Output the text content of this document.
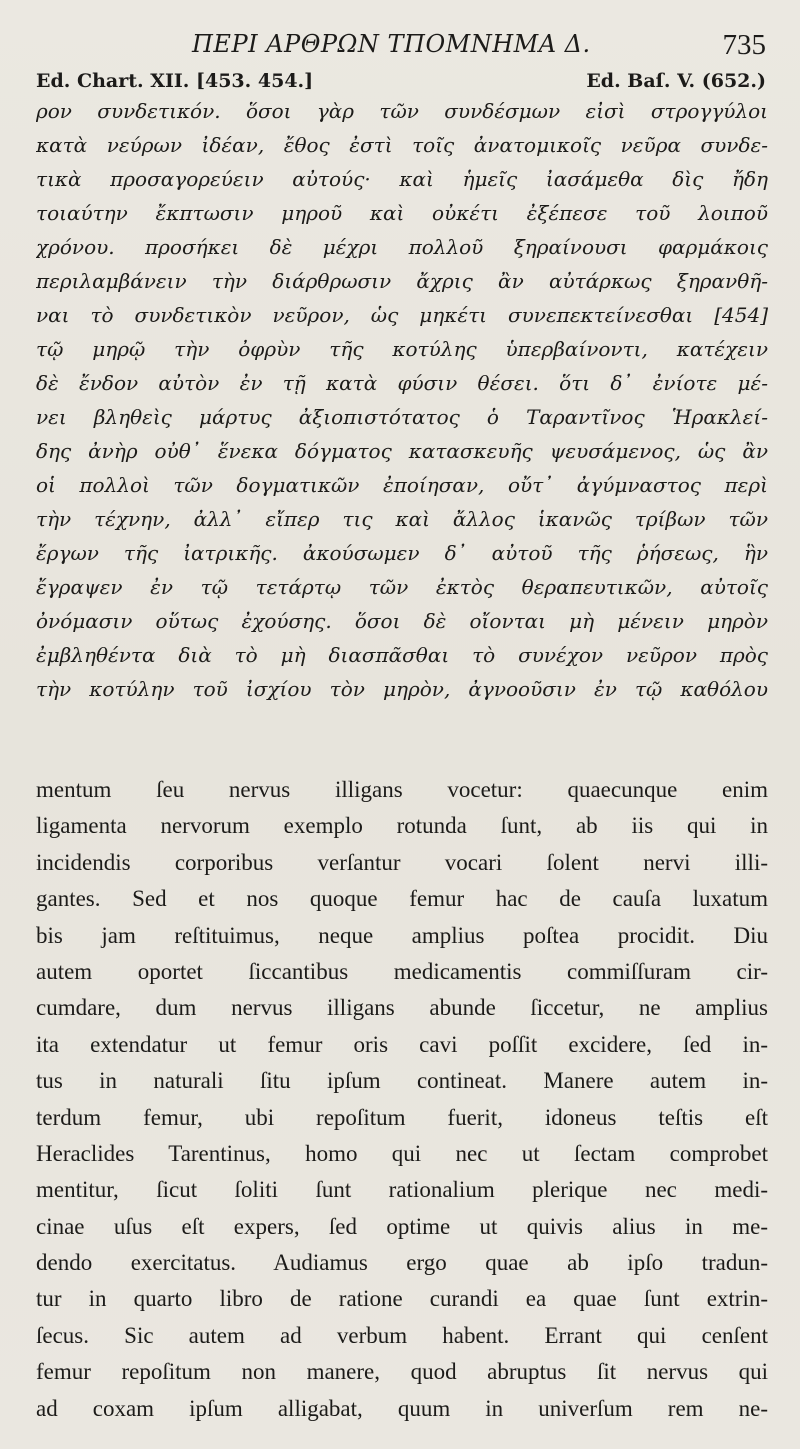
ΠΕΡΙ ΑΡΘΡΩΝ ΤΠΟΜΝΗΜΑ Δ.	735
Ed. Chart. XII. [453. 454.]	Ed. Baſ. V. (652.)
ρον συνδετικόν. ὅσοι γὰρ τῶν συνδέσμων εἰσὶ στρογγύλοι
κατὰ νεύρων ἰδέαν, ἔθος ἐστὶ τοῖς ἀνατομικοῖς νεῦρα συνδε-
τικὰ προσαγορεύειν αὐτούς· καὶ ἡμεῖς ἰασάμεθα δὶς ἤδη
τοιαύτην ἔκπτωσιν μηροῦ καὶ οὐκέτι ἐξέπεσε τοῦ λοιποῦ
χρόνου. προσήκει δὲ μέχρι πολλοῦ ξηραίνουσι φαρμάκοις
περιλαμβάνειν τὴν διάρθρωσιν ἄχρις ἂν αὐτάρκως ξηρανθῆ-
ναι τὸ συνδετικὸν νεῦρον, ὡς μηκέτι συνεπεκτείνεσθαι [454]
τῷ μηρῷ τὴν ὀφρὺν τῆς κοτύλης ὑπερβαίνοντι, κατέχειν
δὲ ἔνδον αὐτὸν ἐν τῇ κατὰ φύσιν θέσει. ὅτι δ᾽ ἐνίοτε μέ-
νει βληθεὶς μάρτυς ἀξιοπιστότατος ὁ Ταραντῖνος Ἡρακλεί-
δης ἀνὴρ οὐθ᾽ ἕνεκα δόγματος κατασκευῆς ψευσάμενος, ὡς ἂν
οἱ πολλοὶ τῶν δογματικῶν ἐποίησαν, οὔτ᾽ ἀγύμναστος περὶ
τὴν τέχνην, ἀλλ᾽ εἴπερ τις καὶ ἄλλος ἱκανῶς τρίβων τῶν
ἔργων τῆς ἰατρικῆς. ἀκούσωμεν δ᾽ αὐτοῦ τῆς ῥήσεως, ἣν
ἔγραψεν ἐν τῷ τετάρτῳ τῶν ἐκτὸς θεραπευτικῶν, αὐτοῖς
ὀνόμασιν οὕτως ἐχούσης. ὅσοι δὲ οἴονται μὴ μένειν μηρὸν
ἐμβληθέντα διὰ τὸ μὴ διασπᾶσθαι τὸ συνέχον νεῦρον πρὸς
τὴν κοτύλην τοῦ ἰσχίου τὸν μηρὸν, ἀγνοοῦσιν ἐν τῷ καθόλου
mentum ſeu nervus illigans vocetur: quaecunque enim
ligamenta nervorum exemplo rotunda ſunt, ab iis qui in
incidendis corporibus verſantur vocari ſolent nervi illi-
gantes. Sed et nos quoque femur hac de cauſa luxatum
bis jam reſtituimus, neque amplius poſtea procidit. Diu
autem oportet ſiccantibus medicamentis commiſſuram cir-
cumdare, dum nervus illigans abunde ſiccetur, ne amplius
ita extendatur ut femur oris cavi poſſit excidere, ſed in-
tus in naturali ſitu ipſum contineat. Manere autem in-
terdum femur, ubi repoſitum fuerit, idoneus teſtis eſt
Heraclides Tarentinus, homo qui nec ut ſectam comprobet
mentitur, ſicut ſoliti ſunt rationalium plerique nec medi-
cinae uſus eſt expers, ſed optime ut quivis alius in me-
dendo exercitatus. Audiamus ergo quae ab ipſo tradun-
tur in quarto libro de ratione curandi ea quae ſunt extrin-
ſecus. Sic autem ad verbum habent. Errant qui cenſent
femur repoſitum non manere, quod abruptus ſit nervus qui
ad coxam ipſum alligabat, quum in univerſum rem ne-
